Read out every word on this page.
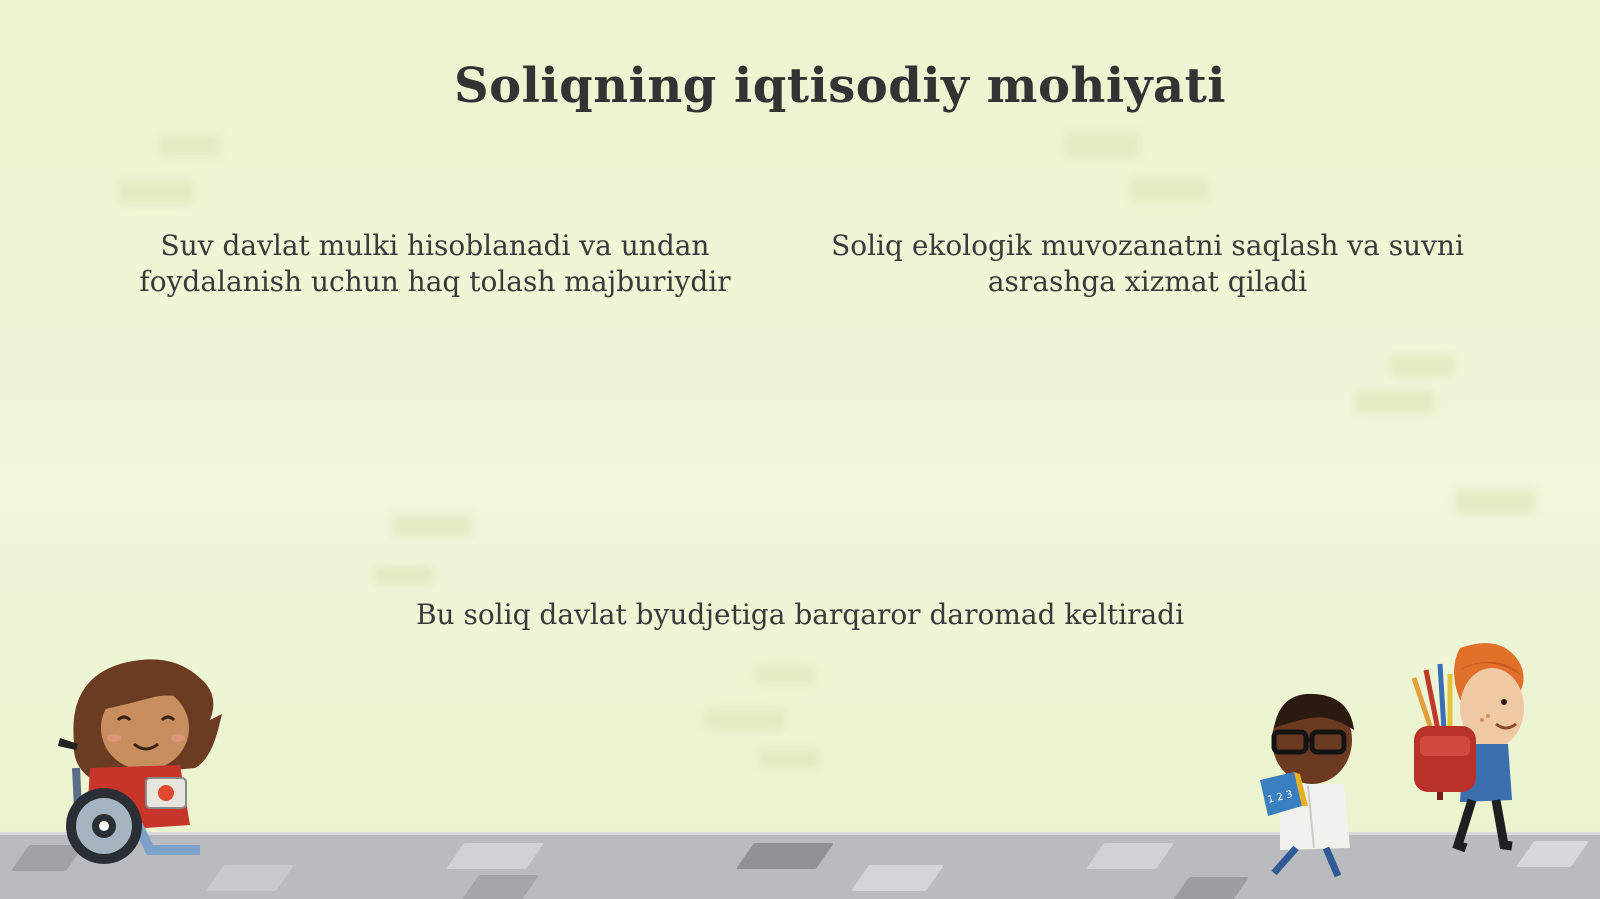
Soliqning iqtisodiy mohiyati

Suv davlat mulki hisoblanadi va undan
foydalanish uchun haq tolash majburiydir

Soliq ekologik muvozanatni saqlash va suvni
asrashga xizmat qiladi

Bu soliq davlat byudjetiga barqaror daromad keltiradi

1 2 3
